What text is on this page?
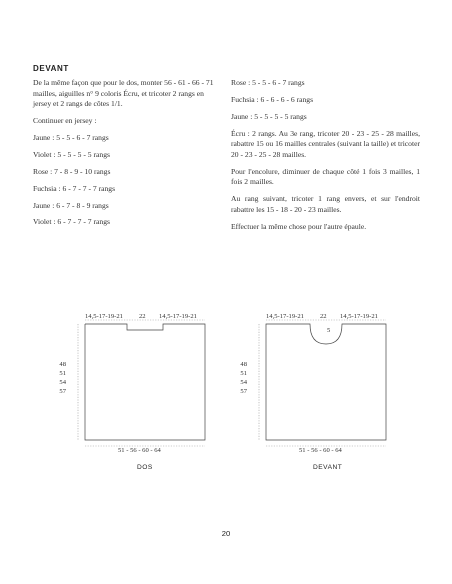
DEVANT

De la même façon que pour le dos, monter 56 - 61 - 66 - 71 mailles, aiguilles n° 9 coloris Écru, et tricoter 2 rangs en jersey et 2 rangs de côtes 1/1.

Continuer en jersey :

Jaune : 5 - 5 - 6 - 7 rangs

Violet : 5 - 5 - 5 - 5 rangs

Rose : 7 - 8 - 9 - 10 rangs

Fuchsia : 6 - 7 - 7 - 7 rangs

Jaune : 6 - 7 - 8 - 9 rangs

Violet : 6 - 7 - 7 - 7 rangs

Rose : 5 - 5 - 6 - 7 rangs

Fuchsia : 6 - 6 - 6 - 6 rangs

Jaune : 5 - 5 - 5 - 5 rangs

Écru : 2 rangs. Au 3e rang, tricoter 20 - 23 - 25 - 28 mailles, rabattre 15 ou 16 mailles centrales (suivant la taille) et tricoter 20 - 23 - 25 - 28 mailles.

Pour l'encolure, diminuer de chaque côté 1 fois 3 mailles, 1 fois 2 mailles.

Au rang suivant, tricoter 1 rang envers, et sur l'endroit rabattre les 15 - 18 - 20 - 23 mailles.

Effectuer la même chose pour l'autre épaule.

14,5-17-19-21 22 14,5-17-19-21
48
51
54
57
51 - 56 - 60 - 64
DOS
14,5-17-19-21 22 14,5-17-19-21
5
48
51
54
57
51 - 56 - 60 - 64
DEVANT
20
